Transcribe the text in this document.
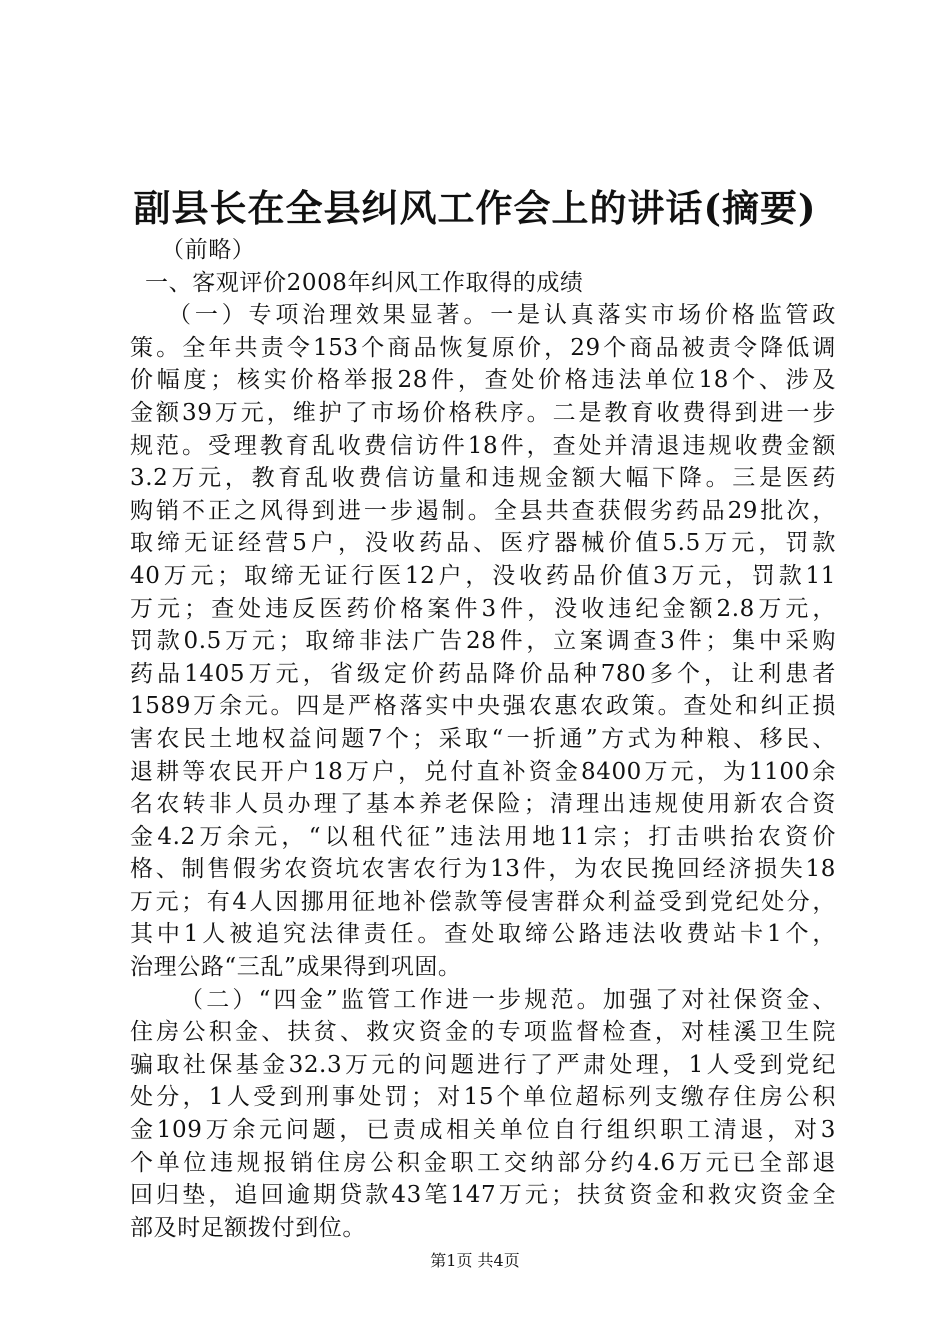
副县长在全县纠风工作会上的讲话(摘要)

（前略）

一、客观评价2008年纠风工作取得的成绩

（一）专项治理效果显著。一是认真落实市场价格监管政

策。全年共责令153个商品恢复原价，29个商品被责令降低调

价幅度；核实价格举报28件，查处价格违法单位18个、涉及

金额39万元，维护了市场价格秩序。二是教育收费得到进一步

规范。受理教育乱收费信访件18件，查处并清退违规收费金额

3.2万元，教育乱收费信访量和违规金额大幅下降。三是医药

购销不正之风得到进一步遏制。全县共查获假劣药品29批次，

取缔无证经营5户，没收药品、医疗器械价值5.5万元，罚款

40万元；取缔无证行医12户，没收药品价值3万元，罚款11

万元；查处违反医药价格案件3件，没收违纪金额2.8万元，

罚款0.5万元；取缔非法广告28件，立案调查3件；集中采购

药品1405万元，省级定价药品降价品种780多个，让利患者

1589万余元。四是严格落实中央强农惠农政策。查处和纠正损

害农民土地权益问题7个；采取“一折通”方式为种粮、移民、

退耕等农民开户18万户，兑付直补资金8400万元，为1100余

名农转非人员办理了基本养老保险；清理出违规使用新农合资

金4.2万余元，“以租代征”违法用地11宗；打击哄抬农资价

格、制售假劣农资坑农害农行为13件，为农民挽回经济损失18

万元；有4人因挪用征地补偿款等侵害群众利益受到党纪处分，

其中1人被追究法律责任。查处取缔公路违法收费站卡1个，

治理公路“三乱”成果得到巩固。

（二）“四金”监管工作进一步规范。加强了对社保资金、

住房公积金、扶贫、救灾资金的专项监督检查，对桂溪卫生院

骗取社保基金32.3万元的问题进行了严肃处理，1人受到党纪

处分，1人受到刑事处罚；对15个单位超标列支缴存住房公积

金109万余元问题，已责成相关单位自行组织职工清退，对3

个单位违规报销住房公积金职工交纳部分约4.6万元已全部退

回归垫，追回逾期贷款43笔147万元；扶贫资金和救灾资金全

部及时足额拨付到位。

第1页 共4页
